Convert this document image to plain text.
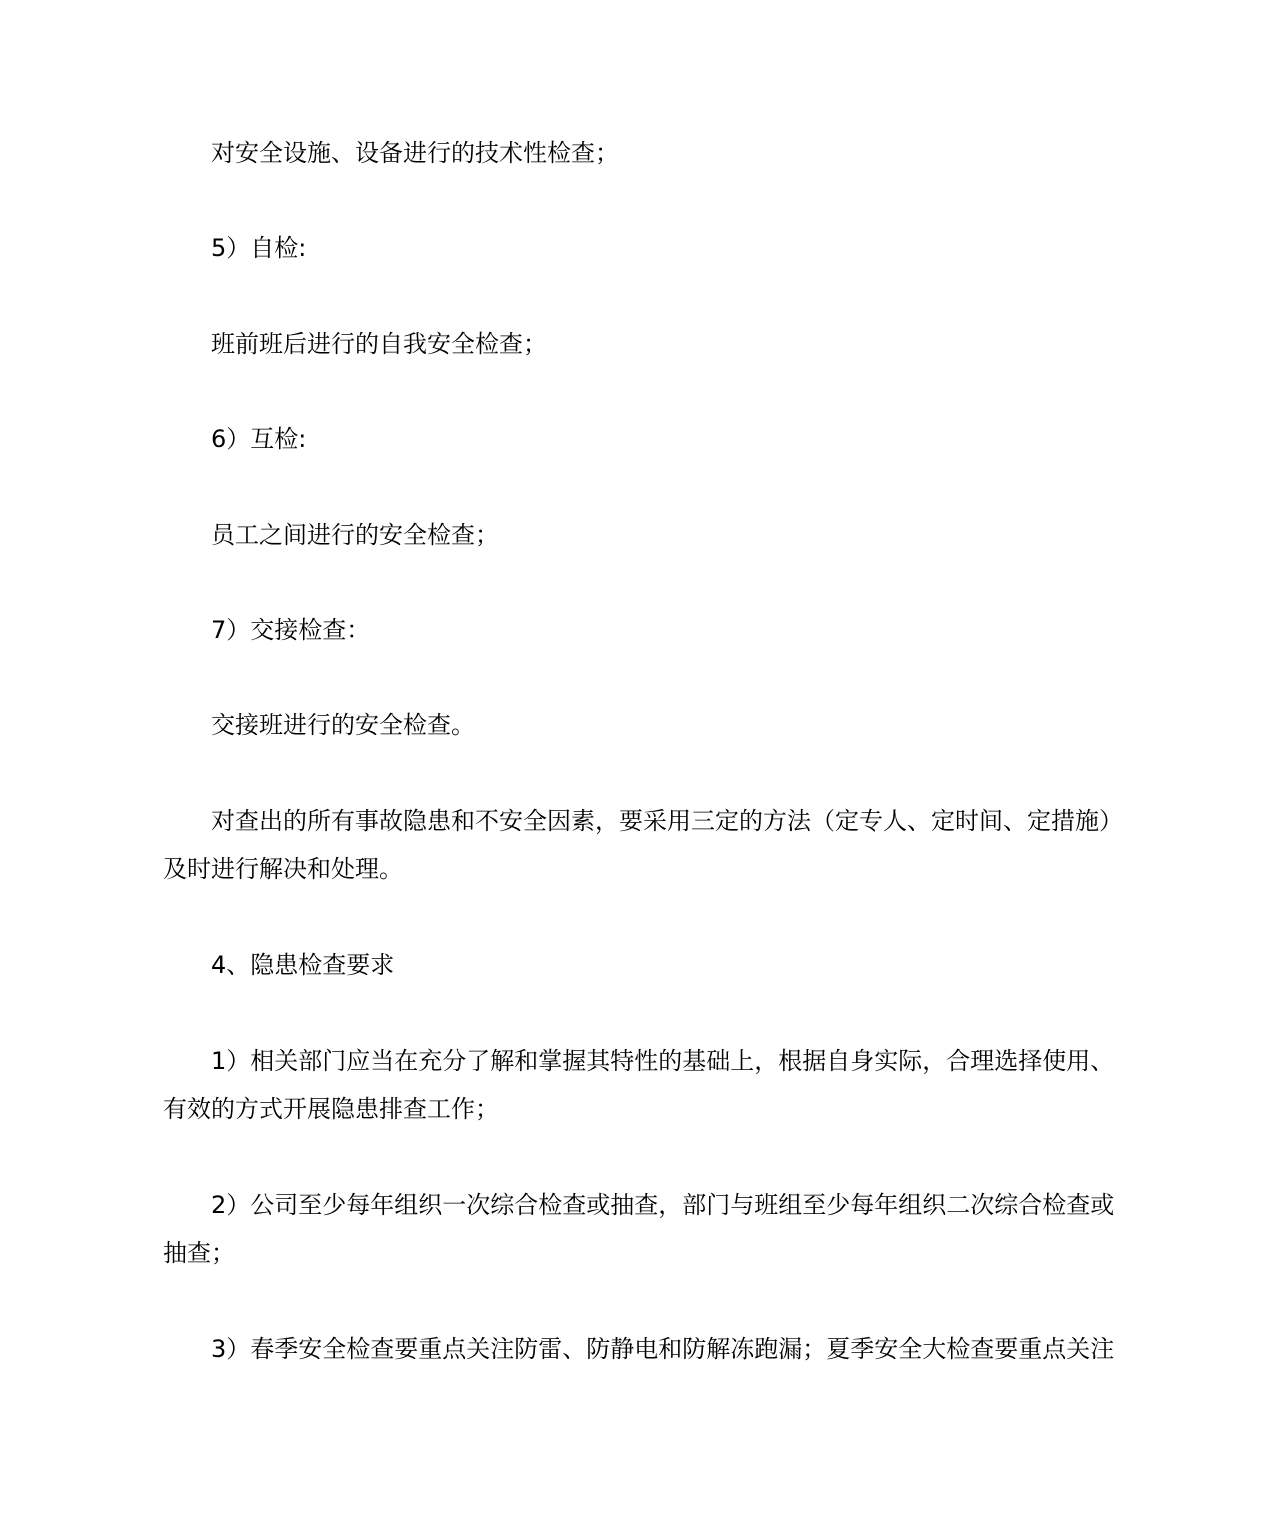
对安全设施、设备进行的技术性检查；

5）自检:

班前班后进行的自我安全检查；

6）互检:

员工之间进行的安全检查；

7）交接检查：

交接班进行的安全检查。

对查出的所有事故隐患和不安全因素，要采用三定的方法（定专人、定时间、定措施）及时进行解决和处理。

4、隐患检查要求

1）相关部门应当在充分了解和掌握其特性的基础上，根据自身实际，合理选择使用、有效的方式开展隐患排查工作；

2）公司至少每年组织一次综合检查或抽查，部门与班组至少每年组织二次综合检查或抽查；

3）春季安全检查要重点关注防雷、防静电和防解冻跑漏；夏季安全大检查要重点关注
